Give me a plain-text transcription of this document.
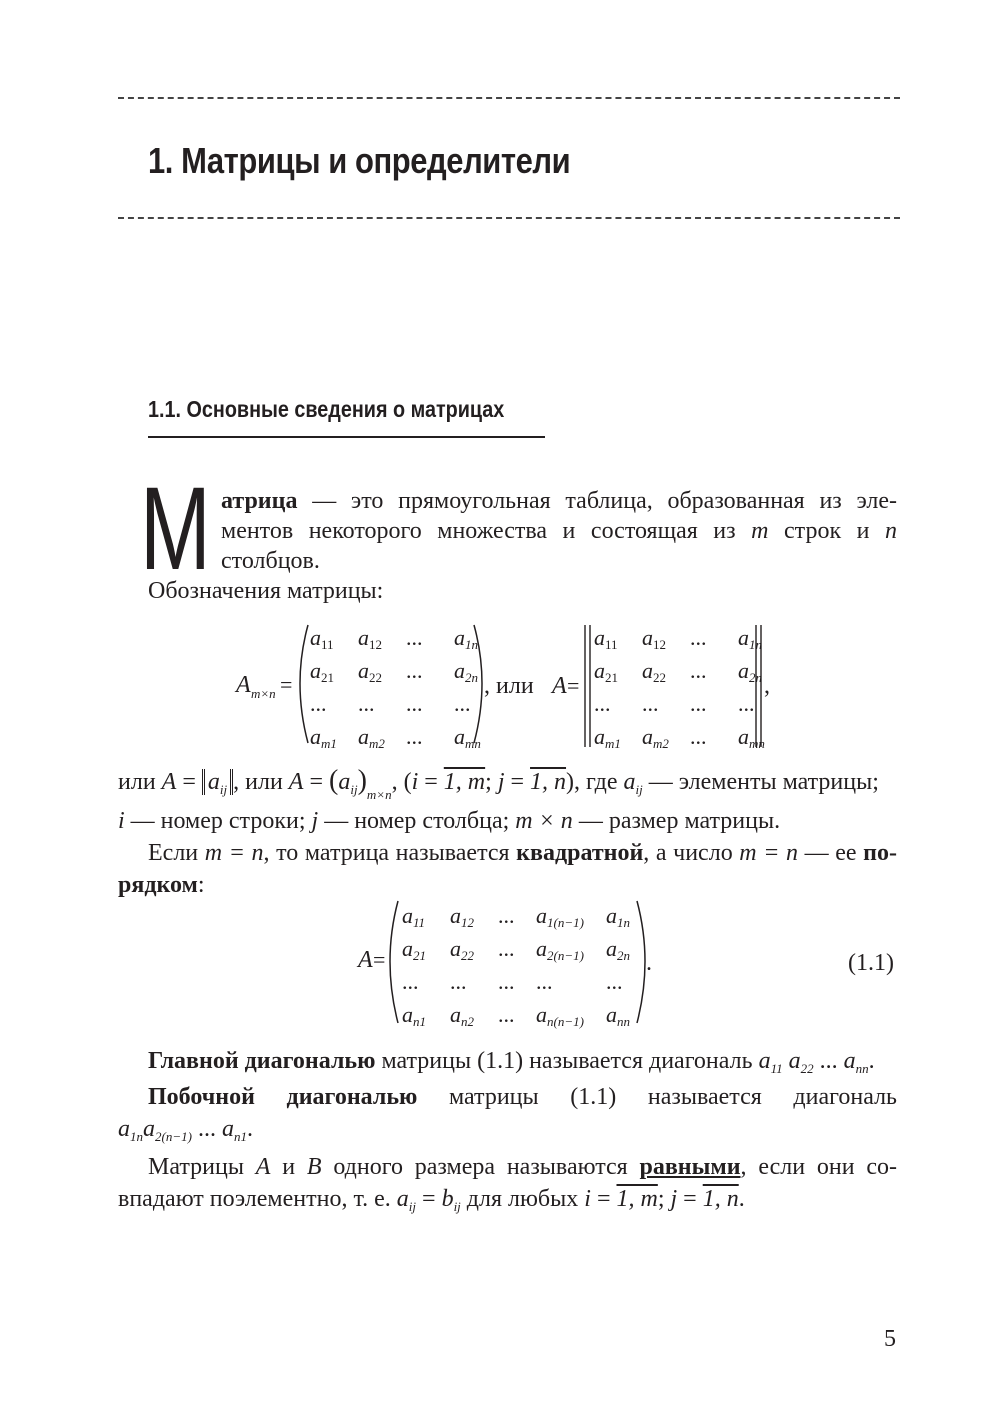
1. Матрицы и определители
1.1. Основные сведения о матрицах
М атрица — это прямоугольная таблица, образованная из эле-
ментов некоторого множества и состоящая из m строк и n
столбцов.
Обозначения матрицы:
A m×n =
a11 a12 ... a1n
a21 a22 ... a2n
... ... ... ...
am1 am2 ... amn
, или A =
a11 a12 ... a1n
a21 a22 ... a2n
... ... ... ...
am1 am2 ... amn
,
или $A = a_{ij}$ , или $A = (a_{ij})_{m\times n}$, (i = 1, m; j = 1, n), где $a_{ij}$ — элементы матрицы;
i — номер строки; j — номер столбца; m × n — размер матрицы.
Если m = n, то матрица называется квадратной, а число m = n — ее по-
рядком:
A =
a11 a12 ... a1(n−1) a1n
a21 a22 ... a2(n−1) a2n
... ... ... ... ...
an1 an2 ... an(n−1) ann
.	(1.1)
Главной диагональю матрицы (1.1) называется диагональ $a_{11}$ $a_{22}$ ... $a_{nn}$.
Побочной диагональю матрицы (1.1) называется диагональ
$a_{1n}a_{2(n-1)}$ ... $a_{n1}$.
Матрицы A и B одного размера называются равными, если они со-
впадают поэлементно, т. е. $a_{ij} = b_{ij}$ для любых i = 1, m; j = 1, n.
5
